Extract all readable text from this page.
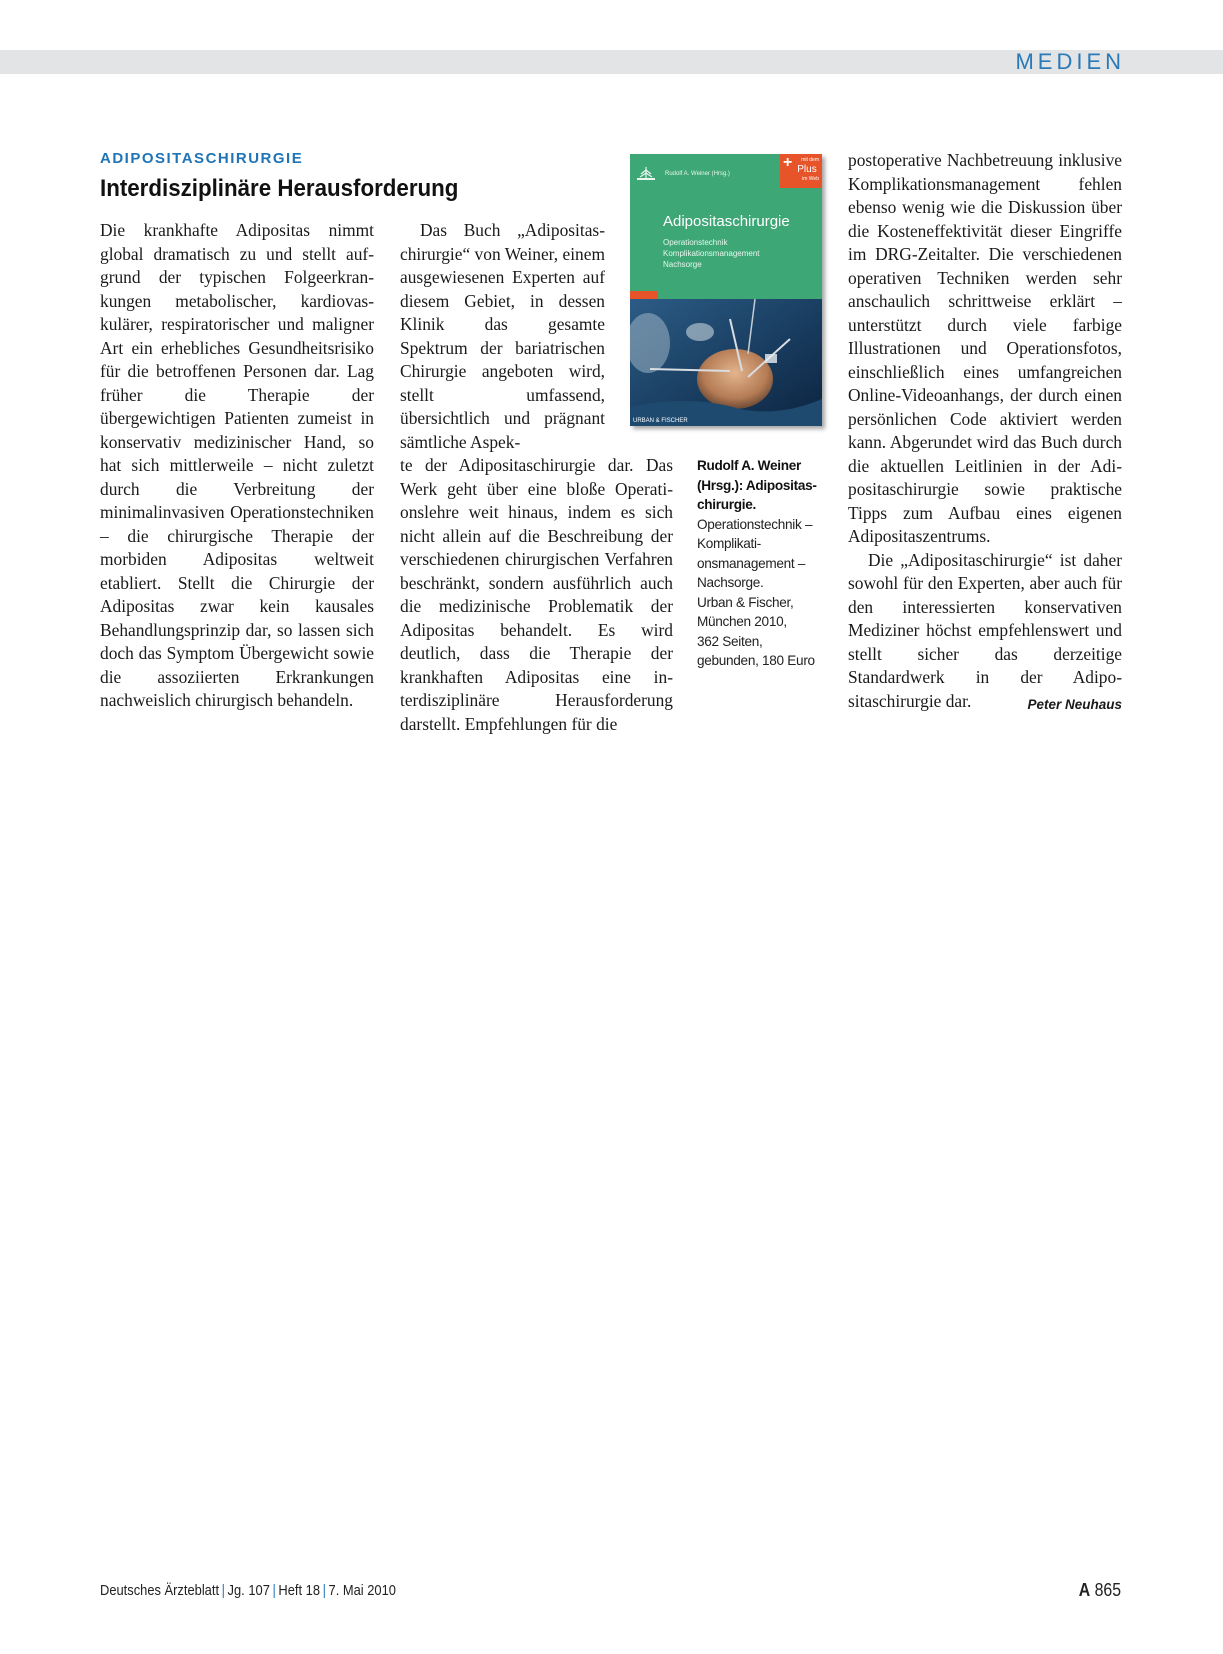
MEDIEN
ADIPOSITASCHIRURGIE
Interdisziplinäre Herausforderung

Die krankhafte Adipositas nimmt global dramatisch zu und stellt aufgrund der typischen Folgeerkrankungen metabolischer, kardiovaskulärer, respiratorischer und maligner Art ein erhebliches Gesundheitsrisiko für die betroffenen Personen dar. Lag früher die Therapie der übergewichtigen Patienten zumeist in konservativ medizinischer Hand, so hat sich mittlerweile – nicht zuletzt durch die Verbreitung der minimalinvasiven Operationstechniken – die chirurgische Therapie der morbiden Adipositas weltweit etabliert. Stellt die Chirurgie der Adipositas zwar kein kausales Behandlungsprinzip dar, so lassen sich doch das Symptom Übergewicht sowie die assoziierten Erkrankungen nachweislich chirurgisch behandeln.

Das Buch „Adipositaschirurgie“ von Weiner, einem ausgewiesenen Experten auf diesem Gebiet, in dessen Klinik das gesamte Spektrum der bariatrischen Chirurgie angeboten wird, stellt umfassend, übersichtlich und prägnant sämtliche Aspek-

te der Adipositaschirurgie dar. Das Werk geht über eine bloße Operationslehre weit hinaus, indem es sich nicht allein auf die Beschreibung der verschiedenen chirurgischen Verfahren beschränkt, sondern ausführlich auch die medizinische Problematik der Adipositas behandelt. Es wird deutlich, dass die Therapie der krankhaften Adipositas eine interdisziplinäre Herausforderung darstellt. Empfehlungen für die

Rudolf A. Weiner (Hrsg.)
+	mit dem
Plus
im Web
Adipositaschirurgie
Operationstechnik
Komplikationsmanagement
Nachsorge
URBAN & FISCHER
Rudolf A. Weiner (Hrsg.): Adipositaschirurgie. Operationstechnik – Komplikationsmanagement – Nachsorge.
Urban & Fischer, München 2010,
362 Seiten, gebunden, 180 Euro

postoperative Nachbetreuung inklusive Komplikationsmanagement fehlen ebenso wenig wie die Diskussion über die Kosteneffektivität dieser Eingriffe im DRG-Zeitalter. Die verschiedenen operativen Techniken werden sehr anschaulich schrittweise erklärt – unterstützt durch viele farbige Illustrationen und Operationsfotos, einschließlich eines umfangreichen Online-Videoanhangs, der durch einen persönlichen Code aktiviert werden kann. Abgerundet wird das Buch durch die aktuellen Leitlinien in der Adipositaschirurgie sowie praktische Tipps zum Aufbau eines eigenen Adipositaszentrums.

Die „Adipositaschirurgie“ ist daher sowohl für den Experten, aber auch für den interessierten konservativen Mediziner höchst empfehlenswert und stellt sicher das derzeitige Standardwerk in der Adipositaschirurgie dar.	Peter Neuhaus

Deutsches Ärzteblatt | Jg. 107 | Heft 18 | 7. Mai 2010	A 865
